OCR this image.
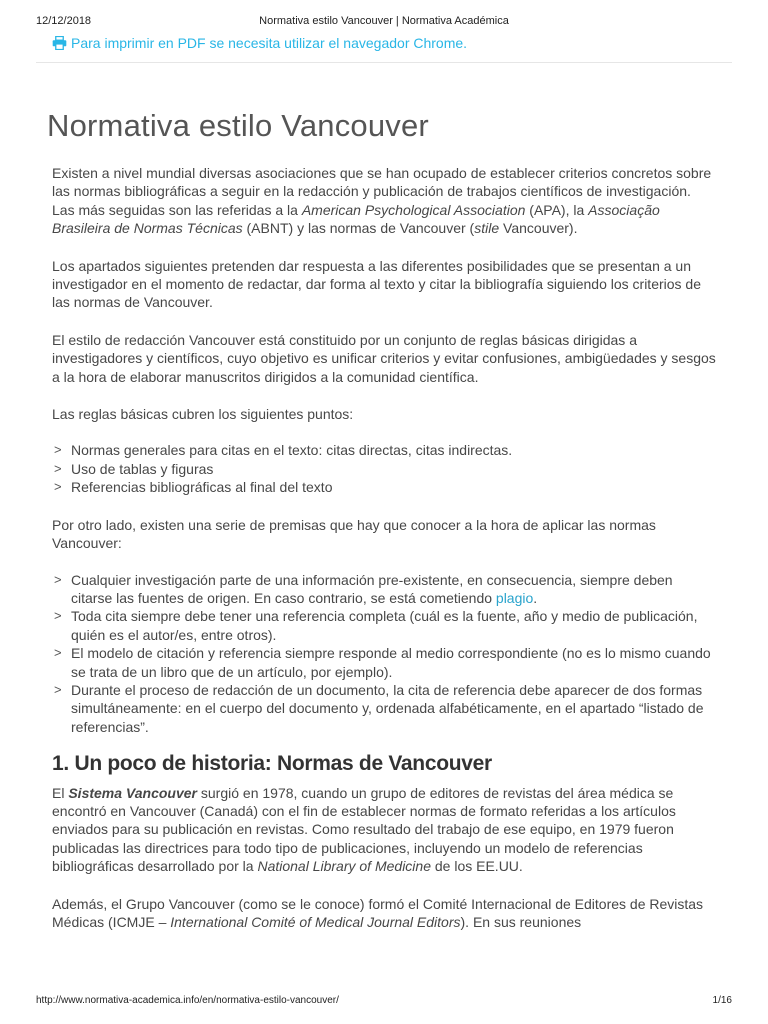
12/12/2018	Normativa estilo Vancouver | Normativa Académica
Para imprimir en PDF se necesita utilizar el navegador Chrome.
Normativa estilo Vancouver

Existen a nivel mundial diversas asociaciones que se han ocupado de establecer criterios concretos sobre las normas bibliográficas a seguir en la redacción y publicación de trabajos científicos de investigación. Las más seguidas son las referidas a la American Psychological Association (APA), la Associação Brasileira de Normas Técnicas (ABNT) y las normas de Vancouver (stile Vancouver).

Los apartados siguientes pretenden dar respuesta a las diferentes posibilidades que se presentan a un investigador en el momento de redactar, dar forma al texto y citar la bibliografía siguiendo los criterios de las normas de Vancouver.

El estilo de redacción Vancouver está constituido por un conjunto de reglas básicas dirigidas a investigadores y científicos, cuyo objetivo es unificar criterios y evitar confusiones, ambigüedades y sesgos a la hora de elaborar manuscritos dirigidos a la comunidad científica.

Las reglas básicas cubren los siguientes puntos:

> Normas generales para citas en el texto: citas directas, citas indirectas.
> Uso de tablas y figuras
> Referencias bibliográficas al final del texto

Por otro lado, existen una serie de premisas que hay que conocer a la hora de aplicar las normas Vancouver:

> Cualquier investigación parte de una información pre-existente, en consecuencia, siempre deben citarse las fuentes de origen. En caso contrario, se está cometiendo plagio.
> Toda cita siempre debe tener una referencia completa (cuál es la fuente, año y medio de publicación, quién es el autor/es, entre otros).
> El modelo de citación y referencia siempre responde al medio correspondiente (no es lo mismo cuando se trata de un libro que de un artículo, por ejemplo).
> Durante el proceso de redacción de un documento, la cita de referencia debe aparecer de dos formas simultáneamente: en el cuerpo del documento y, ordenada alfabéticamente, en el apartado “listado de referencias”.
1. Un poco de historia: Normas de Vancouver

El Sistema Vancouver surgió en 1978, cuando un grupo de editores de revistas del área médica se encontró en Vancouver (Canadá) con el fin de establecer normas de formato referidas a los artículos enviados para su publicación en revistas. Como resultado del trabajo de ese equipo, en 1979 fueron publicadas las directrices para todo tipo de publicaciones, incluyendo un modelo de referencias bibliográficas desarrollado por la National Library of Medicine de los EE.UU.

Además, el Grupo Vancouver (como se le conoce) formó el Comité Internacional de Editores de Revistas Médicas (ICMJE – International Comité of Medical Journal Editors). En sus reuniones

http://www.normativa-academica.info/en/normativa-estilo-vancouver/	1/16
